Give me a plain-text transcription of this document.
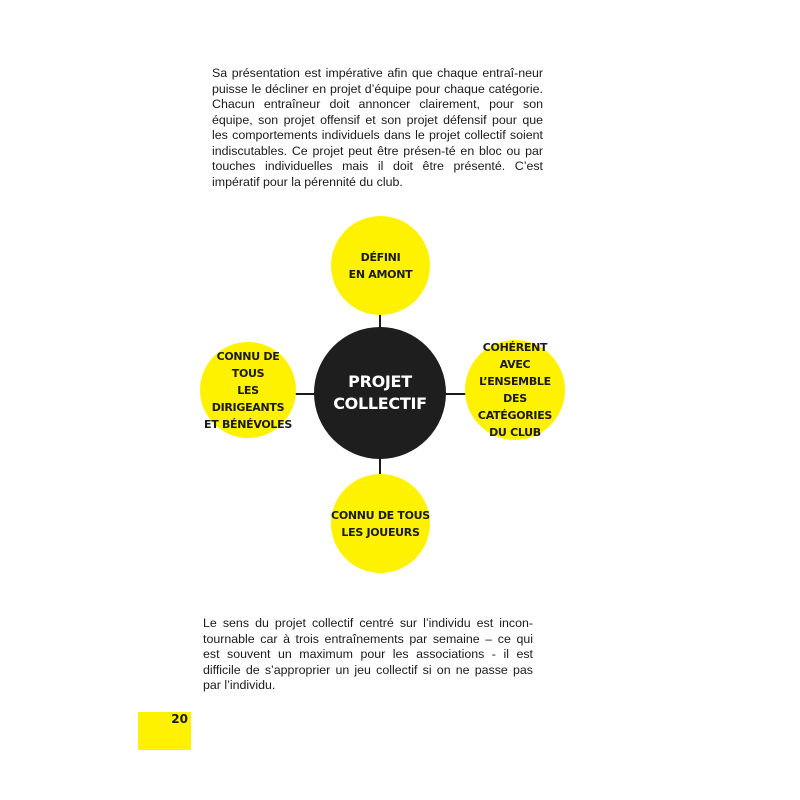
Sa présentation est impérative afin que chaque entraî-neur puisse le décliner en projet d’équipe pour chaque catégorie. Chacun entraîneur doit annoncer clairement, pour son équipe, son projet offensif et son projet défensif pour que les comportements individuels dans le projet collectif soient indiscutables. Ce projet peut être présen-té en bloc ou par touches individuelles mais il doit être présenté. C’est impératif pour la pérennité du club.

DÉFINI
EN AMONT
CONNU DE TOUS
LES DIRIGEANTS
ET BÉNÉVOLES
COHÉRENT
AVEC L’ENSEMBLE
DES CATÉGORIES
DU CLUB
CONNU DE TOUS
LES JOUEURS
PROJET
COLLECTIF

Le sens du projet collectif centré sur l’individu est incon-tournable car à trois entraînements par semaine – ce qui est souvent un maximum pour les associations - il est difficile de s’approprier un jeu collectif si on ne passe pas par l’individu.

20
